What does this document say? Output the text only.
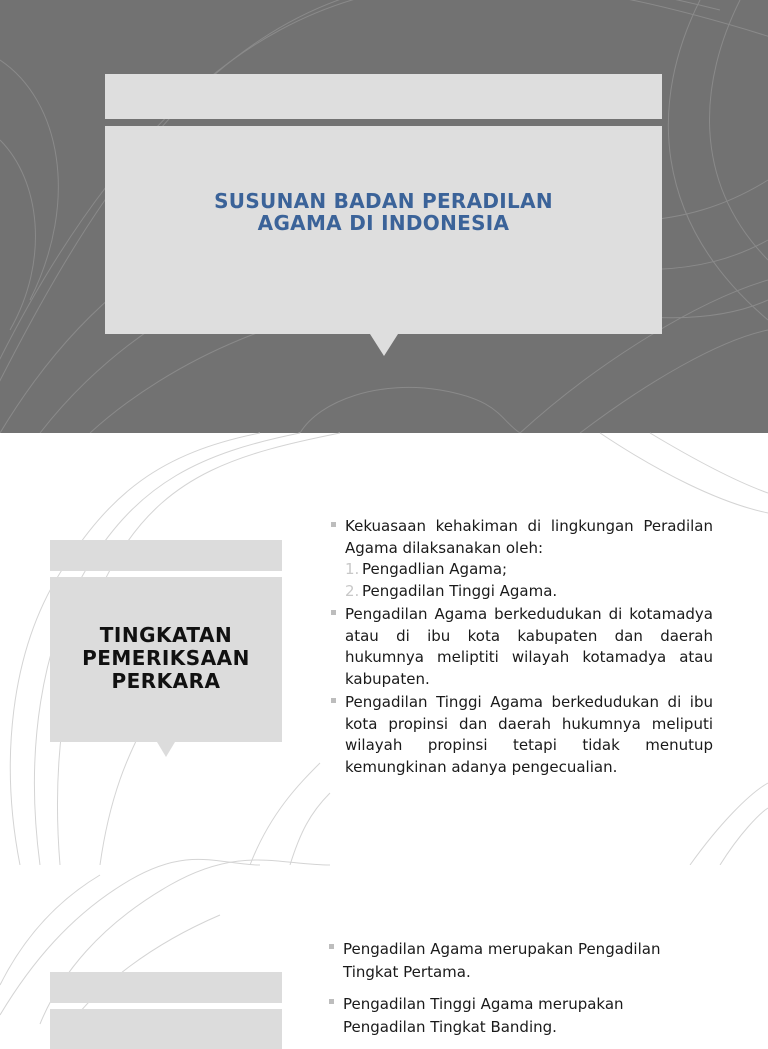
SUSUNAN BADAN PERADILAN
AGAMA DI INDONESIA
TINGKATAN
PEMERIKSAAN
PERKARA
Kekuasaan kehakiman di lingkungan Peradilan Agama dilaksanakan oleh:
1. Pengadlian Agama;
2. Pengadilan Tinggi Agama.
Pengadilan Agama berkedudukan di kotamadya atau di ibu kota kabupaten dan daerah hukumnya meliptiti wilayah kotamadya atau kabupaten.
Pengadilan Tinggi Agama berkedudukan di ibu kota propinsi dan daerah hukumnya meliputi wilayah propinsi tetapi tidak menutup kemungkinan adanya pengecualian.
Pengadilan Agama merupakan Pengadilan Tingkat Pertama.
Pengadilan Tinggi Agama merupakan Pengadilan Tingkat Banding.
